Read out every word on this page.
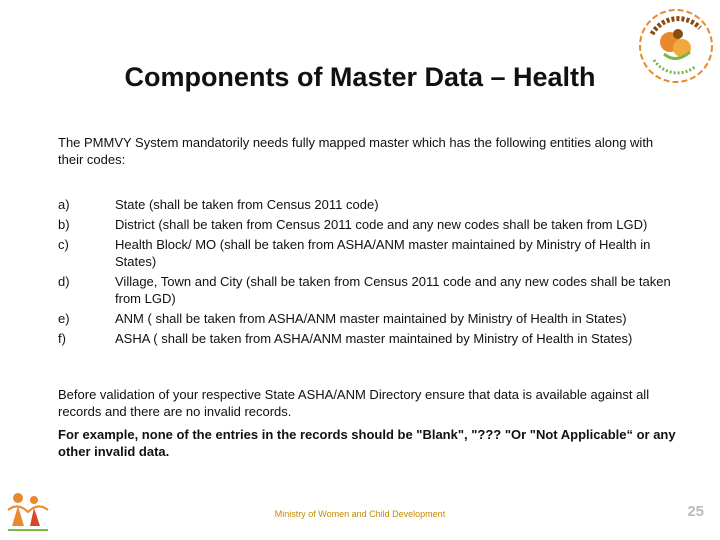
Components of Master Data – Health
The PMMVY System mandatorily needs fully mapped master which has the following entities along with their codes:
a)	State (shall be taken from Census 2011 code)
b)	District (shall be taken from Census 2011 code and any new codes shall be taken from LGD)
c)	Health Block/ MO (shall be taken from ASHA/ANM master maintained by Ministry of Health in States)
d)	Village, Town and City (shall be taken from Census 2011 code and any new codes shall be taken from LGD)
e)	ANM ( shall be taken from ASHA/ANM master maintained by Ministry of Health in States)
f)	ASHA ( shall be taken from ASHA/ANM master maintained by Ministry of Health in States)
Before validation of your respective State ASHA/ANM Directory ensure that data is available against all records and there are no invalid records.
For example, none of the entries in the records should be "Blank", "??? "Or "Not Applicable“ or any other invalid data.
Ministry of Women and Child Development	25
